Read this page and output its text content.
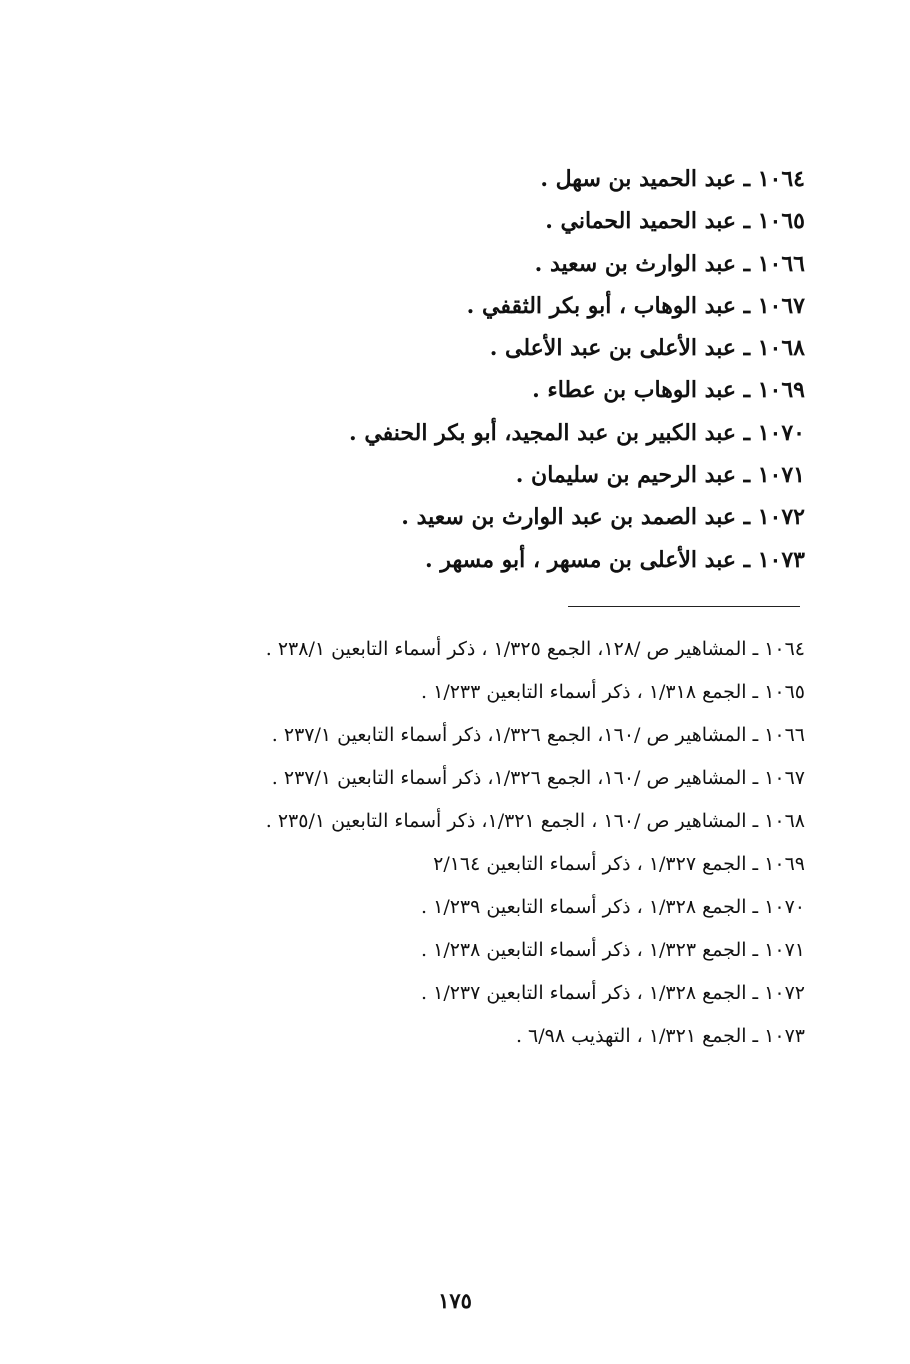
١٠٦٤ ـ عبد الحميد بن سهل .
١٠٦٥ ـ عبد الحميد الحماني .
١٠٦٦ ـ عبد الوارث بن سعيد .
١٠٦٧ ـ عبد الوهاب ، أبو بكر الثقفي .
١٠٦٨ ـ عبد الأعلى بن عبد الأعلى .
١٠٦٩ ـ عبد الوهاب بن عطاء .
١٠٧٠ ـ عبد الكبير بن عبد المجيد، أبو بكر الحنفي .
١٠٧١ ـ عبد الرحيم بن سليمان .
١٠٧٢ ـ عبد الصمد بن عبد الوارث بن سعيد .
١٠٧٣ ـ عبد الأعلى بن مسهر ، أبو مسهر .
١٠٦٤ ـ المشاهير ص /١٢٨، الجمع ١/٣٢٥ ، ذكر أسماء التابعين ٢٣٨/١ .
١٠٦٥ ـ الجمع ١/٣١٨ ، ذكر أسماء التابعين ١/٢٣٣ .
١٠٦٦ ـ المشاهير ص /١٦٠، الجمع ١/٣٢٦، ذكر أسماء التابعين ٢٣٧/١ .
١٠٦٧ ـ المشاهير ص /١٦٠، الجمع ١/٣٢٦، ذكر أسماء التابعين ٢٣٧/١ .
١٠٦٨ ـ المشاهير ص /١٦٠ ، الجمع ١/٣٢١، ذكر أسماء التابعين ٢٣٥/١ .
١٠٦٩ ـ الجمع ١/٣٢٧ ، ذكر أسماء التابعين ٢/١٦٤
١٠٧٠ ـ الجمع ١/٣٢٨ ، ذكر أسماء التابعين ١/٢٣٩ .
١٠٧١ ـ الجمع ١/٣٢٣ ، ذكر أسماء التابعين ١/٢٣٨ .
١٠٧٢ ـ الجمع ١/٣٢٨ ، ذكر أسماء التابعين ١/٢٣٧ .
١٠٧٣ ـ الجمع ١/٣٢١ ، التهذيب ٦/٩٨ .
١٧٥
